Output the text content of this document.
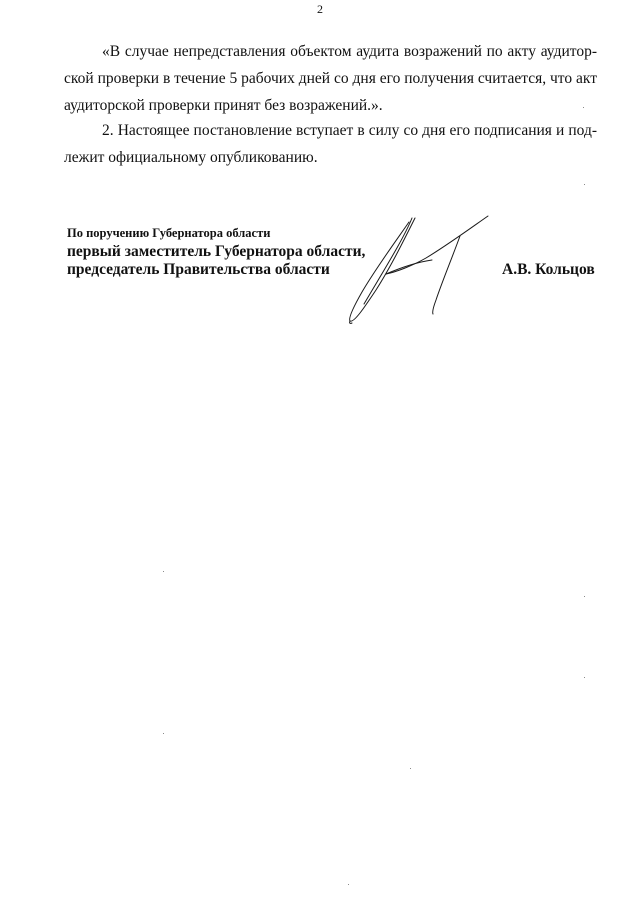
2
«В случае непредставления объектом аудита возражений по акту аудитор-
ской проверки в течение 5 рабочих дней со дня его получения считается, что акт
аудиторской проверки принят без возражений.».
2. Настоящее постановление вступает в силу со дня его подписания и под-
лежит официальному опубликованию.
По поручению Губернатора области
первый заместитель Губернатора области,
председатель Правительства области	А.В. Кольцов
